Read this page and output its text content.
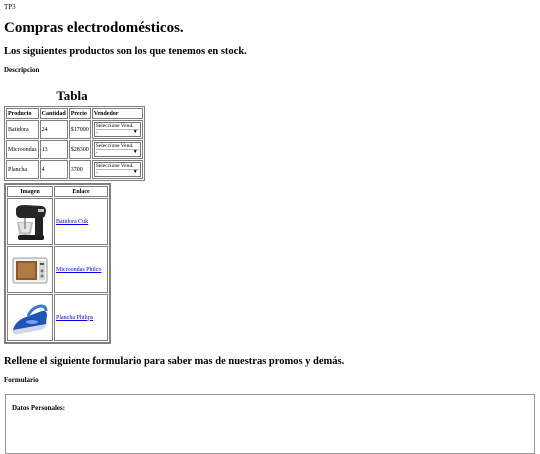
TP3
Compras electrodomésticos.
Los siguientes productos son los que tenemos en stock.
Descripcion
Tabla
Producto	Cantidad	Precio	Vendedor
Batidora	24	$17000	Seleccione Vend.
- ▼

Microondas	13	$28300	Seleccione Vend.
- ▼

Plancha	4	3700	Seleccione Vend.
- ▼
Imagen	Enlace

	Batidora Cuk

	Microondas Philco

	Plancha Philips
Rellene el siguiente formulario para saber mas de nuestras promos y demás.
Formulario
Datos Personales:
